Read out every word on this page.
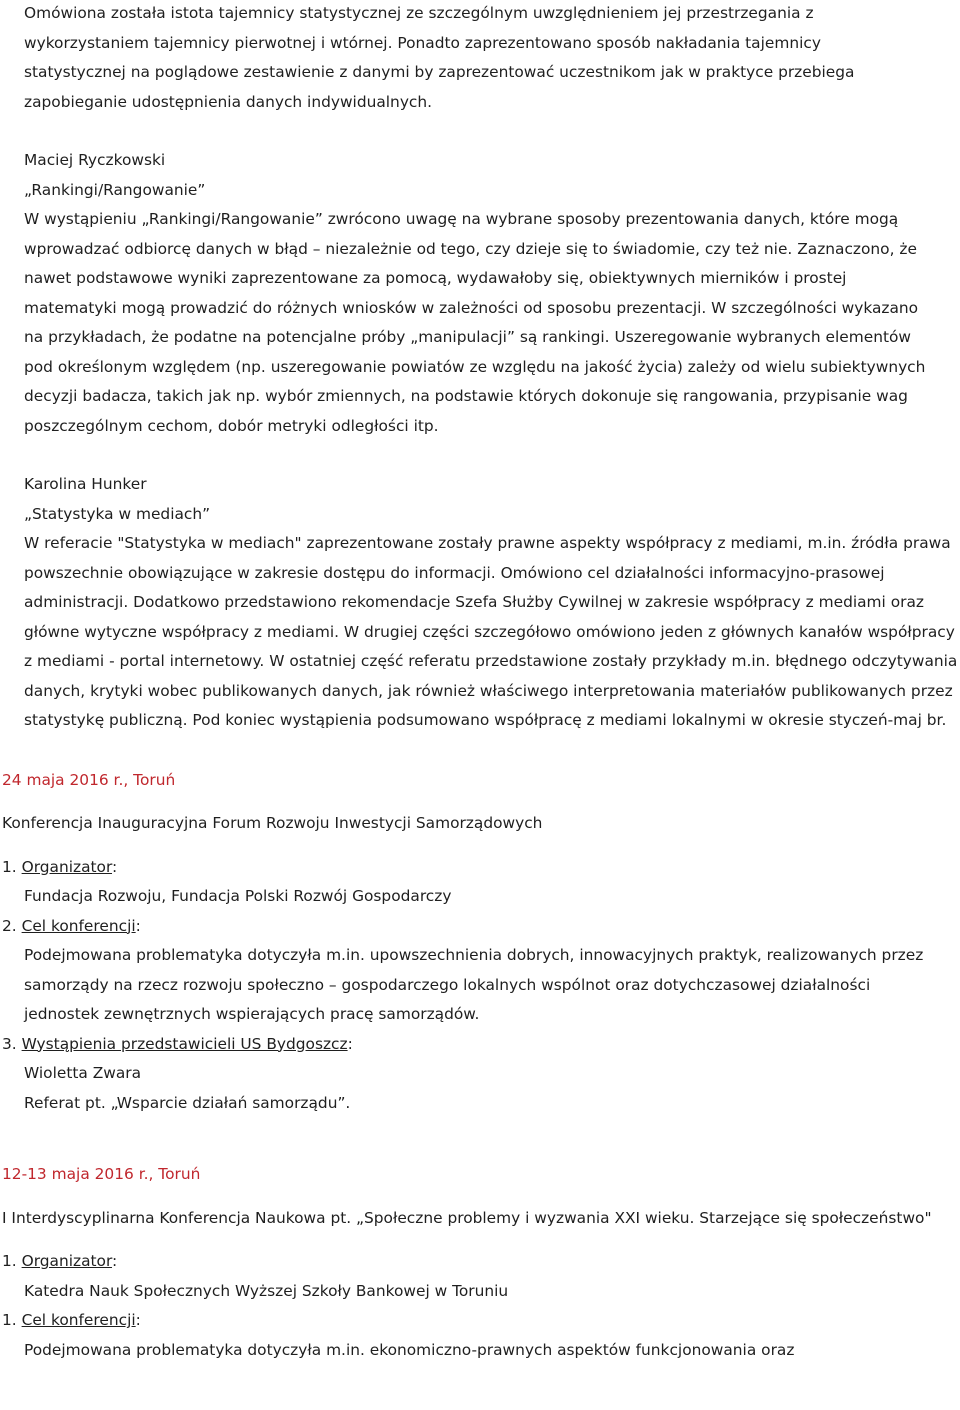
Omówiona została istota tajemnicy statystycznej ze szczególnym uwzględnieniem jej przestrzegania z wykorzystaniem tajemnicy pierwotnej i wtórnej. Ponadto zaprezentowano sposób nakładania tajemnicy statystycznej na poglądowe zestawienie z danymi by zaprezentować uczestnikom jak w praktyce przebiega zapobieganie udostępnienia danych indywidualnych.

Maciej Ryczkowski
„Rankingi/Rangowanie”

W wystąpieniu „Rankingi/Rangowanie” zwrócono uwagę na wybrane sposoby prezentowania danych, które mogą wprowadzać odbiorcę danych w błąd – niezależnie od tego, czy dzieje się to świadomie, czy też nie. Zaznaczono, że nawet podstawowe wyniki zaprezentowane za pomocą, wydawałoby się, obiektywnych mierników i prostej matematyki mogą prowadzić do różnych wniosków w zależności od sposobu prezentacji. W szczególności wykazano na przykładach, że podatne na potencjalne próby „manipulacji” są rankingi. Uszeregowanie wybranych elementów pod określonym względem (np. uszeregowanie powiatów ze względu na jakość życia) zależy od wielu subiektywnych decyzji badacza, takich jak np. wybór zmiennych, na podstawie których dokonuje się rangowania, przypisanie wag poszczególnym cechom, dobór metryki odległości itp.

Karolina Hunker
„Statystyka w mediach”

W referacie "Statystyka w mediach" zaprezentowane zostały prawne aspekty współpracy z mediami, m.in. źródła prawa powszechnie obowiązujące w zakresie dostępu do informacji. Omówiono cel działalności informacyjno-prasowej administracji. Dodatkowo przedstawiono rekomendacje Szefa Służby Cywilnej w zakresie współpracy z mediami oraz główne wytyczne współpracy z mediami. W drugiej części szczegółowo omówiono jeden z głównych kanałów współpracy z mediami - portal internetowy. W ostatniej część referatu przedstawione zostały przykłady m.in. błędnego odczytywania danych, krytyki wobec publikowanych danych, jak również właściwego interpretowania materiałów publikowanych przez statystykę publiczną. Pod koniec wystąpienia podsumowano współpracę z mediami lokalnymi w okresie styczeń-maj br.

24 maja 2016 r., Toruń
Konferencja Inauguracyjna Forum Rozwoju Inwestycji Samorządowych
1. Organizator:
Fundacja Rozwoju, Fundacja Polski Rozwój Gospodarczy
2. Cel konferencji:
Podejmowana problematyka dotyczyła m.in. upowszechnienia dobrych, innowacyjnych praktyk, realizowanych przez samorządy na rzecz rozwoju społeczno – gospodarczego lokalnych wspólnot oraz dotychczasowej działalności jednostek zewnętrznych wspierających pracę samorządów.
3. Wystąpienia przedstawicieli US Bydgoszcz:
Wioletta Zwara
Referat pt. „Wsparcie działań samorządu”.
12-13 maja 2016 r., Toruń
I Interdyscyplinarna Konferencja Naukowa pt. „Społeczne problemy i wyzwania XXI wieku. Starzejące się społeczeństwo"
1. Organizator:
Katedra Nauk Społecznych Wyższej Szkoły Bankowej w Toruniu
1. Cel konferencji:
Podejmowana problematyka dotyczyła m.in. ekonomiczno-prawnych aspektów funkcjonowania oraz
